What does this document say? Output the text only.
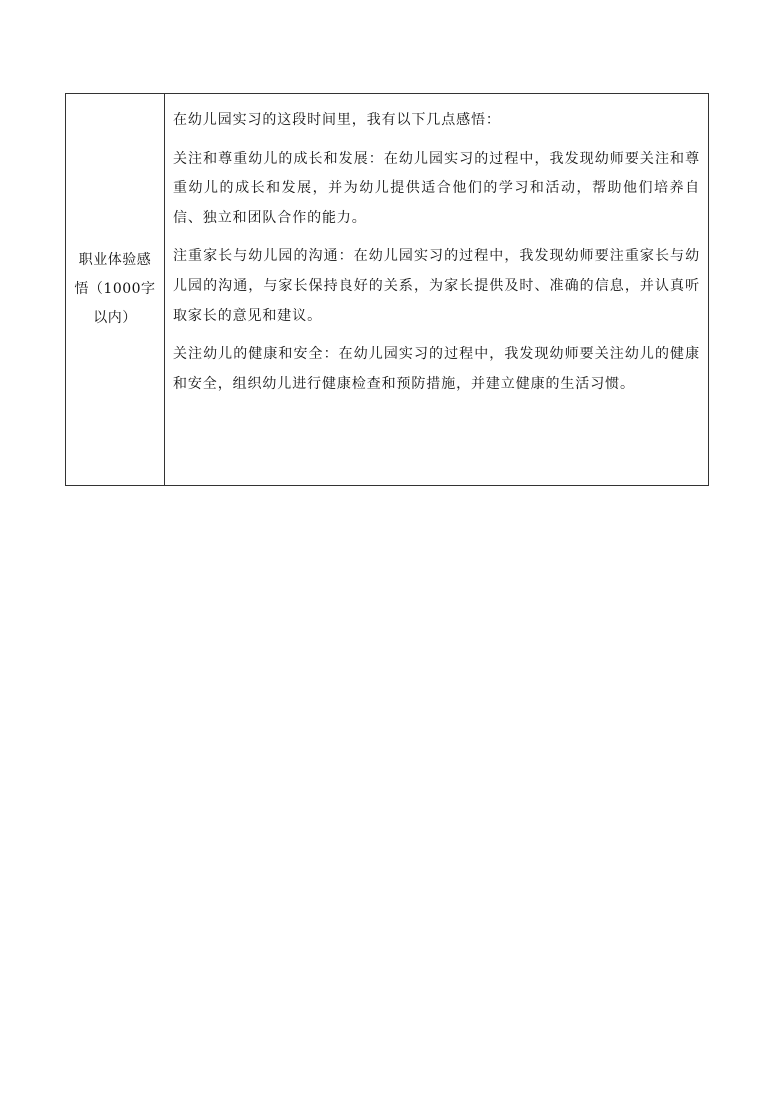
职业体验感悟（1000字以内）

在幼儿园实习的这段时间里，我有以下几点感悟：

关注和尊重幼儿的成长和发展：在幼儿园实习的过程中，我发现幼师要关注和尊重幼儿的成长和发展，并为幼儿提供适合他们的学习和活动，帮助他们培养自信、独立和团队合作的能力。

注重家长与幼儿园的沟通：在幼儿园实习的过程中，我发现幼师要注重家长与幼儿园的沟通，与家长保持良好的关系，为家长提供及时、准确的信息，并认真听取家长的意见和建议。

关注幼儿的健康和安全：在幼儿园实习的过程中，我发现幼师要关注幼儿的健康和安全，组织幼儿进行健康检查和预防措施，并建立健康的生活习惯。
